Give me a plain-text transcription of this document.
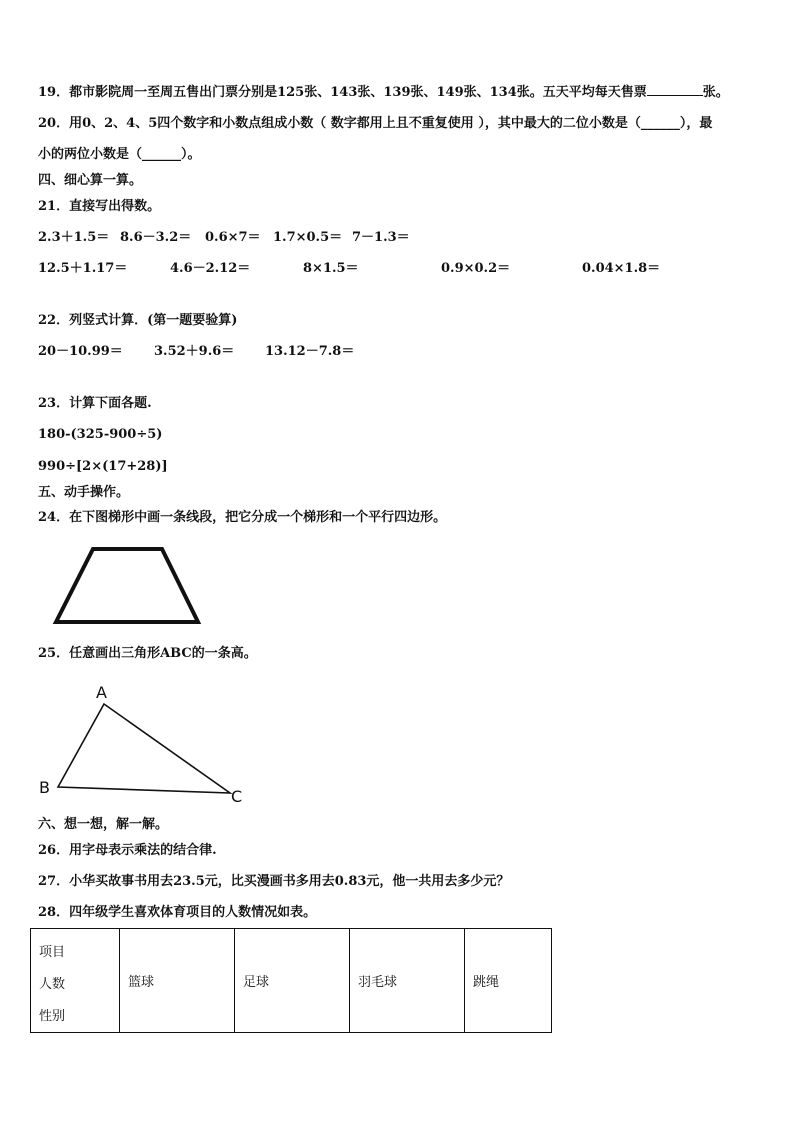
19．都市影院周一至周五售出门票分别是125张、143张、139张、149张、134张。五天平均每天售票	张。
20．用0、2、4、5四个数字和小数点组成小数（ 数字都用上且不重复使用 ），其中最大的二位小数是（______），最
小的两位小数是（______）。
四、细心算一算。
21．直接写出得数。
2.3＋1.5＝ 8.6－3.2＝ 0.6×7＝ 1.7×0.5＝ 7－1.3＝
12.5＋1.17＝	4.6－2.12＝	8×1.5＝	0.9×0.2＝	0.04×1.8＝
22．列竖式计算．(第一题要验算)
20－10.99＝ 3.52＋9.6＝ 13.12－7.8＝
23．计算下面各题.
180-(325-900÷5)
990÷[2×(17+28)]
五、动手操作。
24．在下图梯形中画一条线段，把它分成一个梯形和一个平行四边形。
25．任意画出三角形ABC的一条高。
A
B	C
六、想一想，解一解。
26．用字母表示乘法的结合律.
27．小华买故事书用去23.5元，比买漫画书多用去0.83元，他一共用去多少元？
28．四年级学生喜欢体育项目的人数情况如表。
项目
人数
性别
	篮球	足球	羽毛球	跳绳
